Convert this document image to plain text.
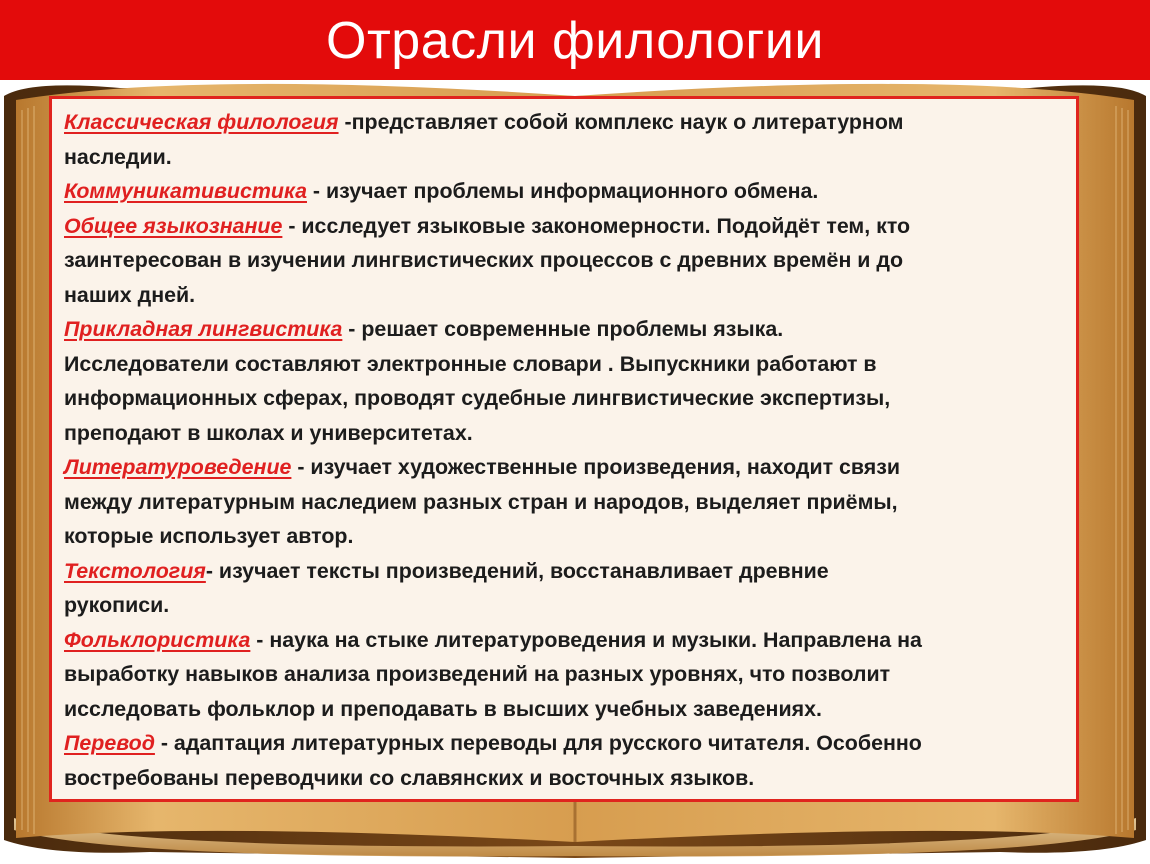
Отрасли филологии

Классическая филология -представляет собой комплекс наук о литературном
наследии.

Коммуникативистика - изучает проблемы информационного обмена.

Общее языкознание - исследует языковые закономерности. Подойдёт тем, кто
заинтересован в изучении лингвистических процессов с древних времён и до
наших дней.

Прикладная лингвистика - решает современные проблемы языка.
Исследователи составляют электронные словари . Выпускники работают в
информационных сферах, проводят судебные лингвистические экспертизы,
преподают в школах и университетах.

Литературоведение - изучает художественные произведения, находит связи
между литературным наследием разных стран и народов, выделяет приёмы,
которые использует автор.

Текстология- изучает тексты произведений, восстанавливает древние
рукописи.

Фольклористика - наука на стыке литературоведения и музыки. Направлена на
выработку навыков анализа произведений на разных уровнях, что позволит
исследовать фольклор и преподавать в высших учебных заведениях.

Перевод - адаптация литературных переводы для русского читателя. Особенно
востребованы переводчики со славянских и восточных языков.
